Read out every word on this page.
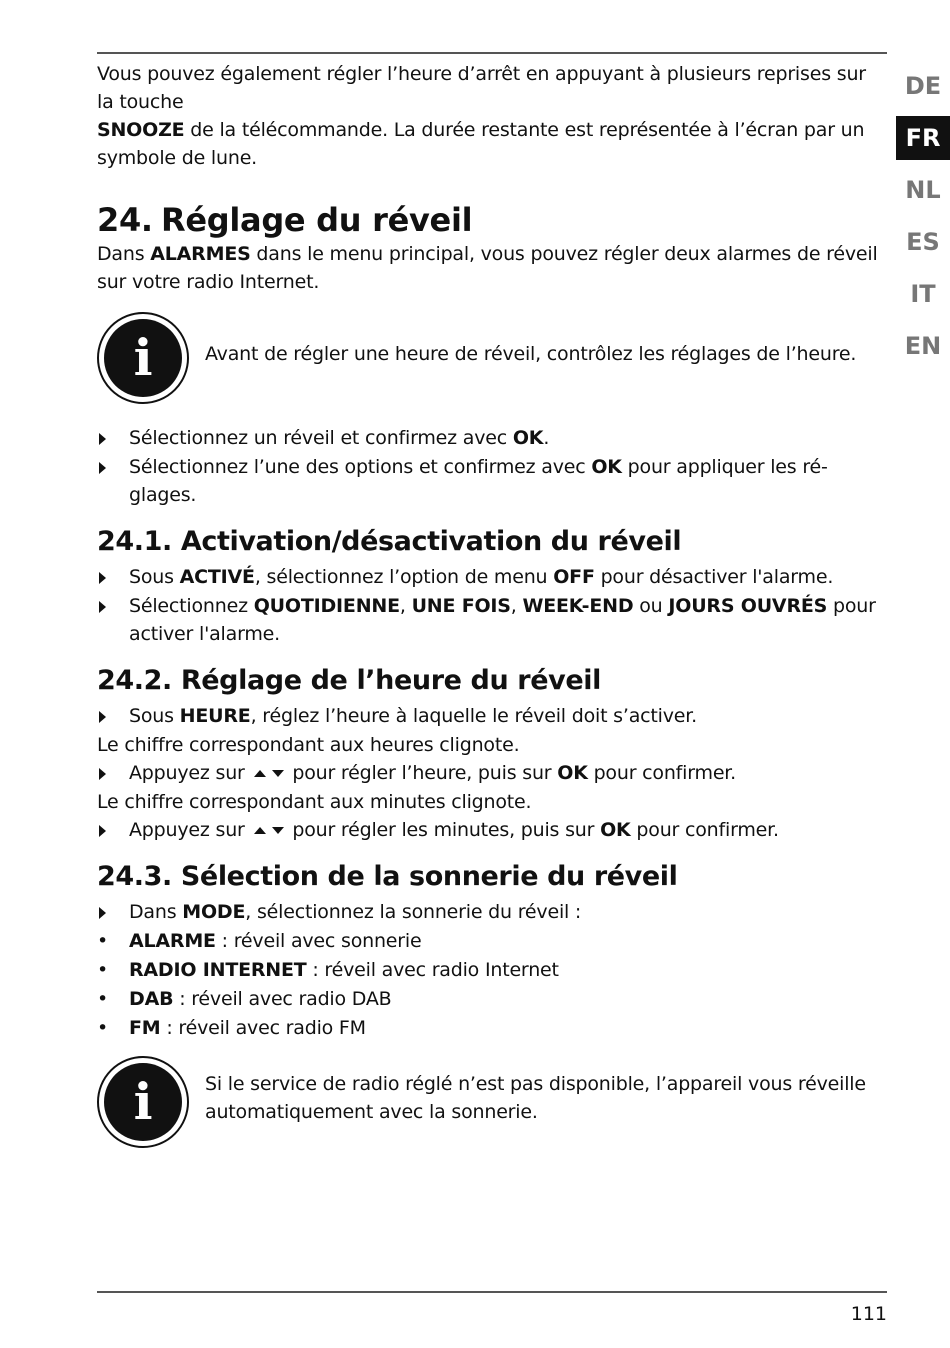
Vous pouvez également régler l’heure d’arrêt en appuyant à plusieurs reprises sur la touche
SNOOZE de la télécommande. La durée restante est représentée à l’écran par un symbole de lune.

24. Réglage du réveil

Dans ALARMES dans le menu principal, vous pouvez régler deux alarmes de réveil sur votre radio Internet.

i	Avant de régler une heure de réveil, contrôlez les réglages de l’heure.
Sélectionnez un réveil et confirmez avec OK.
Sélectionnez l’une des options et confirmez avec OK pour appliquer les réglages.
24.1. Activation/désactivation du réveil
Sous ACTIVÉ, sélectionnez l’option de menu OFF pour désactiver l'alarme.
Sélectionnez QUOTIDIENNE, UNE FOIS, WEEK-END ou JOURS OUVRÉS pour activer l'alarme.
24.2. Réglage de l’heure du réveil
Sous HEURE, réglez l’heure à laquelle le réveil doit s’activer.

Le chiffre correspondant aux heures clignote.

Appuyez sur  pour régler l’heure, puis sur OK pour confirmer.

Le chiffre correspondant aux minutes clignote.

Appuyez sur  pour régler les minutes, puis sur OK pour confirmer.
24.3. Sélection de la sonnerie du réveil
Dans MODE, sélectionnez la sonnerie du réveil :
• ALARME : réveil avec sonnerie
• RADIO INTERNET : réveil avec radio Internet
• DAB : réveil avec radio DAB
• FM : réveil avec radio FM
i	Si le service de radio réglé n’est pas disponible, l’appareil vous réveille automatiquement avec la sonnerie.
DE
FR
NL
ES
IT
EN
111
